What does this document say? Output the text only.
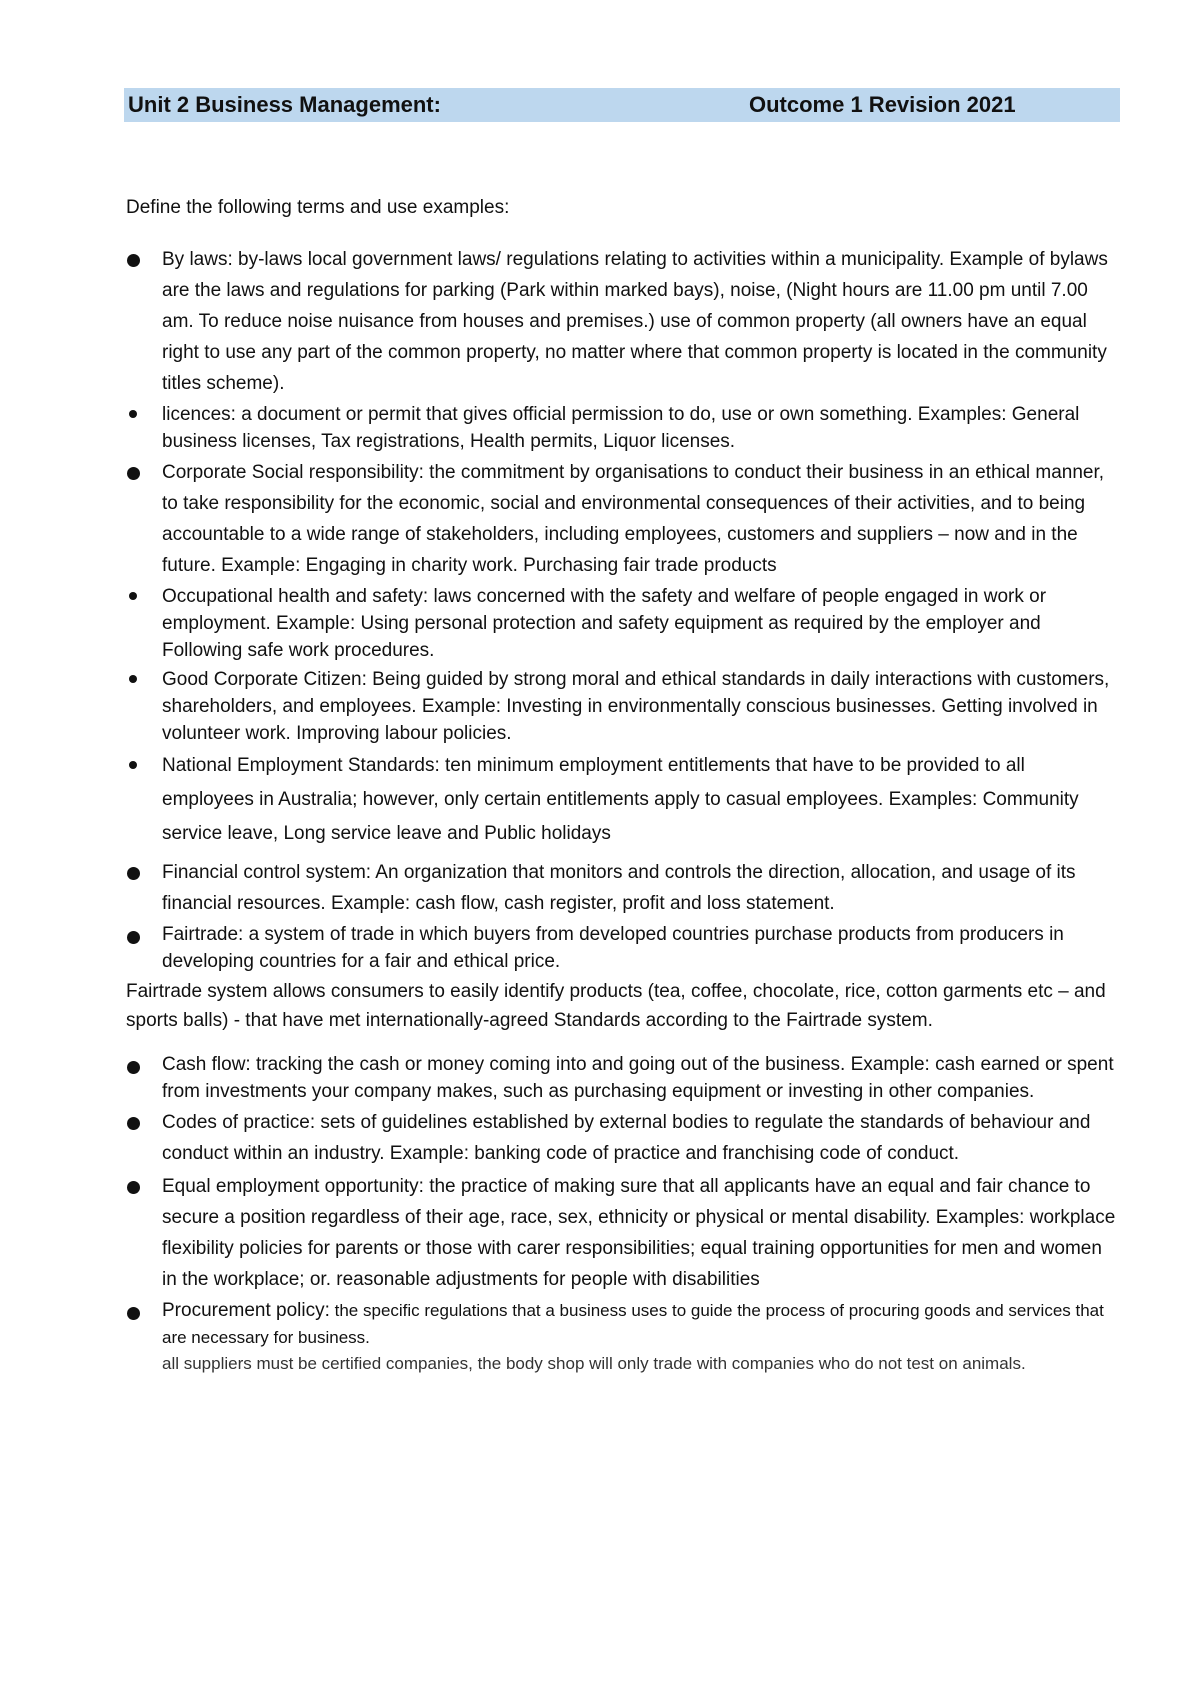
Unit 2 Business Management:	Outcome 1 Revision 2021
Define the following terms and use examples:
By laws: by-laws local government laws/ regulations relating to activities within a municipality. Example of bylaws are the laws and regulations for parking (Park within marked bays), noise, (Night hours are 11.00 pm until 7.00 am. To reduce noise nuisance from houses and premises.) use of common property (all owners have an equal right to use any part of the common property, no matter where that common property is located in the community titles scheme).
licences: a document or permit that gives official permission to do, use or own something. Examples: General business licenses, Tax registrations, Health permits, Liquor licenses.
Corporate Social responsibility: the commitment by organisations to conduct their business in an ethical manner, to take responsibility for the economic, social and environmental consequences of their activities, and to being accountable to a wide range of stakeholders, including employees, customers and suppliers – now and in the future. Example: Engaging in charity work. Purchasing fair trade products
Occupational health and safety: laws concerned with the safety and welfare of people engaged in work or employment. Example: Using personal protection and safety equipment as required by the employer and Following safe work procedures.
Good Corporate Citizen: Being guided by strong moral and ethical standards in daily interactions with customers, shareholders, and employees. Example: Investing in environmentally conscious businesses. Getting involved in volunteer work. Improving labour policies.
National Employment Standards: ten minimum employment entitlements that have to be provided to all employees in Australia; however, only certain entitlements apply to casual employees. Examples: Community service leave, Long service leave and Public holidays
Financial control system: An organization that monitors and controls the direction, allocation, and usage of its financial resources. Example: cash flow, cash register, profit and loss statement.
Fairtrade: a system of trade in which buyers from developed countries purchase products from producers in developing countries for a fair and ethical price.

Fairtrade system allows consumers to easily identify products (tea, coffee, chocolate, rice, cotton garments etc – and sports balls) - that have met internationally-agreed Standards according to the Fairtrade system.

Cash flow: tracking the cash or money coming into and going out of the business. Example: cash earned or spent from investments your company makes, such as purchasing equipment or investing in other companies.
Codes of practice: sets of guidelines established by external bodies to regulate the standards of behaviour and conduct within an industry. Example: banking code of practice and franchising code of conduct.
Equal employment opportunity: the practice of making sure that all applicants have an equal and fair chance to secure a position regardless of their age, race, sex, ethnicity or physical or mental disability. Examples: workplace flexibility policies for parents or those with carer responsibilities; equal training opportunities for men and women in the workplace; or. reasonable adjustments for people with disabilities
Procurement policy: the specific regulations that a business uses to guide the process of procuring goods and services that are necessary for business.
all suppliers must be certified companies, the body shop will only trade with companies who do not test on animals.
